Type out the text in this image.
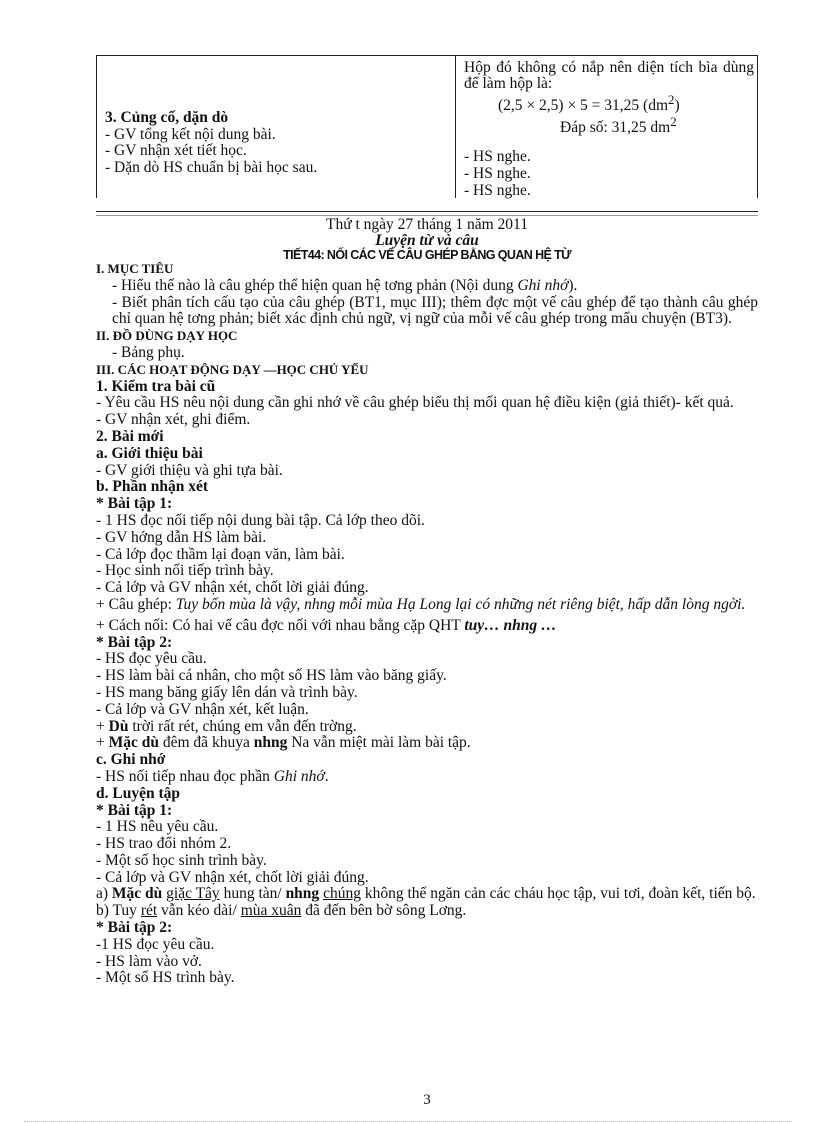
3. Củng cố, dặn dò
- GV tổng kết nội dung bài.
- GV nhận xét tiết học.
- Dặn dò HS chuẩn bị bài học sau.
Hộp đó không có nắp nên diện tích bìa dùng để làm hộp là:
(2,5 × 2,5) × 5 = 31,25 $(dm^2)$
Đáp số: 31,25 $dm^2$
- HS nghe.
- HS nghe.
- HS nghe.
Thứ t ngày 27 tháng 1 năm 2011
Luyện từ và câu
TIẾT44: NỐI CÁC VẾ CÂU GHÉP BẰNG QUAN HỆ TỪ

I. MỤC TIÊU

- Hiểu thế nào là câu ghép thể hiện quan hệ tơng phản (Nội dung Ghi nhớ).

- Biết phân tích cấu tạo của câu ghép (BT1, mục III); thêm đợc một vế câu ghép để tạo thành câu ghép chỉ quan hệ tơng phản; biết xác định chủ ngữ, vị ngữ của mỗi vế câu ghép trong mẩu chuyện (BT3).

II. ĐỒ DÙNG DẠY HỌC

- Bảng phụ.

III. CÁC HOẠT ĐỘNG DẠY —HỌC CHỦ YẾU

1. Kiểm tra bài cũ

- Yêu cầu HS nêu nội dung cần ghi nhớ về câu ghép biểu thị mối quan hệ điều kiện (giả thiết)- kết quả.

- GV nhận xét, ghi điểm.

2. Bài mới

a. Giới thiệu bài

- GV giới thiệu và ghi tựa bài.

b. Phần nhận xét

* Bài tập 1:

- 1 HS đọc nối tiếp nội dung bài tập. Cả lớp theo dõi.

- GV hớng dẫn HS làm bài.

- Cả lớp đọc thầm lại đoạn văn, làm bài.

- Học sinh nối tiếp trình bày.

- Cả lớp và GV nhận xét, chốt lời giải đúng.

+ Câu ghép: Tuy bốn mùa là vậy, nhng mỗi mùa Hạ Long lại có những nét riêng biệt, hấp dẫn lòng ngời.

+ Cách nối: Có hai vế câu đợc nối với nhau bằng cặp QHT tuy… nhng …

* Bài tập 2:

- HS đọc yêu cầu.

- HS làm bài cá nhân, cho một số HS làm vào băng giấy.

- HS mang băng giấy lên dán và trình bày.

- Cả lớp và GV nhận xét, kết luận.

+ Dù trời rất rét, chúng em vẫn đến trờng.

+ Mặc dù đêm đã khuya nhng Na vẫn miệt mài làm bài tập.

c. Ghi nhớ

- HS nối tiếp nhau đọc phần Ghi nhớ.

d. Luyện tập

* Bài tập 1:

- 1 HS nêu yêu cầu.

- HS trao đổi nhóm 2.

- Một số học sinh trình bày.

- Cả lớp và GV nhận xét, chốt lời giải đúng.

a) Mặc dù giặc Tây hung tàn/ nhng chúng không thể ngăn cản các cháu học tập, vui tơi, đoàn kết, tiến bộ.

b) Tuy rét vẫn kéo dài/ mùa xuân đã đến bên bờ sông Lơng.

* Bài tập 2:

-1 HS đọc yêu cầu.

- HS làm vào vở.

- Một số HS trình bày.

3
